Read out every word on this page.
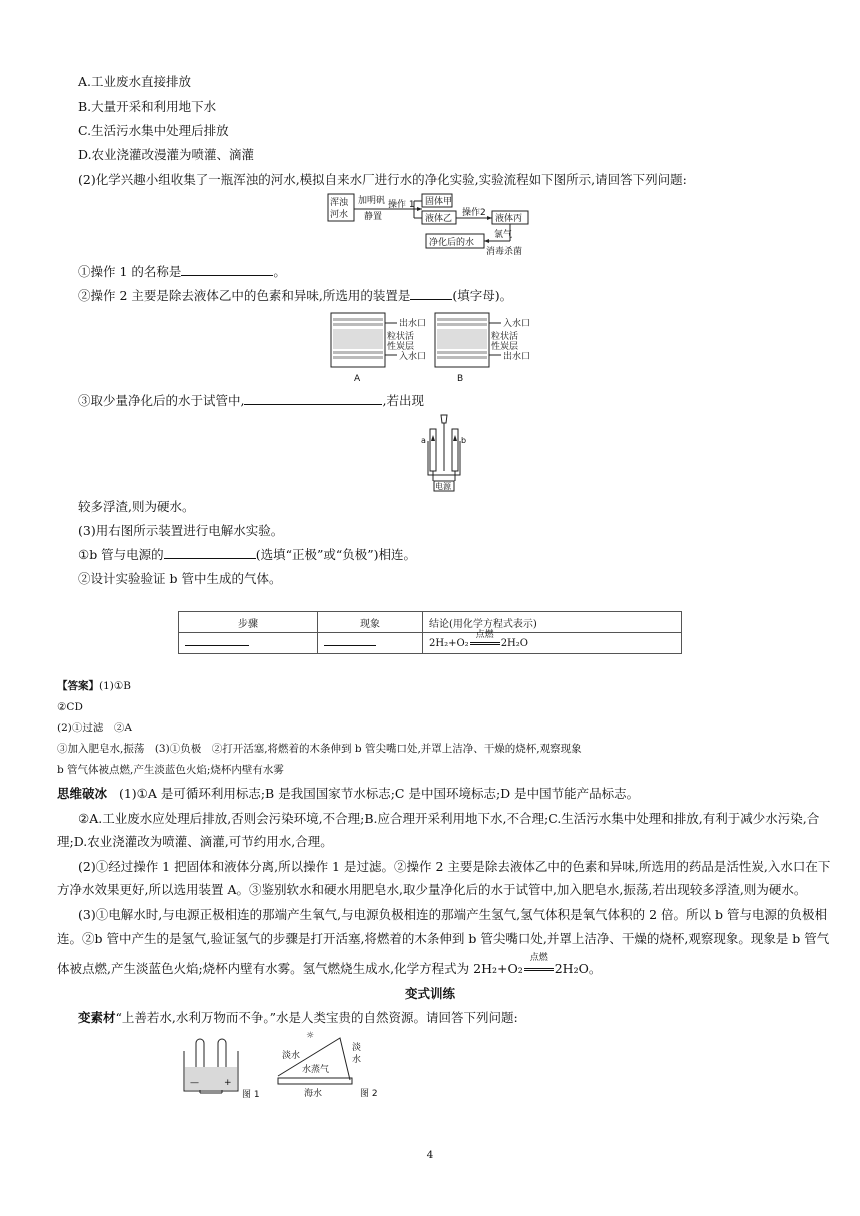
A.工业废水直接排放
B.大量开采和利用地下水
C.生活污水集中处理后排放
D.农业浇灌改漫灌为喷灌、滴灌
(2)化学兴趣小组收集了一瓶浑浊的河水,模拟自来水厂进行水的净化实验,实验流程如下图所示,请回答下列问题:
浑浊
河水
加明矾
静置
操作 1 固体甲
液体乙
操作2
液体丙
净化后的水
氯气
消毒杀菌
①操作 1 的名称是	。
②操作 2 主要是除去液体乙中的色素和异味,所选用的装置是	(填字母)。
出水口
粒状活
性炭层
入水口
入水口
粒状活
性炭层
出水口
A	B
③取少量净化后的水于试管中,	,若出现
a	b
电源
较多浮渣,则为硬水。
(3)用右图所示装置进行电解水实验。
①b 管与电源的	(选填“正极”或“负极”)相连。
②设计实验验证 b 管中生成的气体。
步骤	现象	结论(用化学方程式表示)
		2H₂+O₂
点燃
2H₂O
【答案】(1)①B
②CD
(2)①过滤　②A
③加入肥皂水,振荡　(3)①负极　②打开活塞,将燃着的木条伸到 b 管尖嘴口处,并罩上洁净、干燥的烧杯,观察现象
b 管气体被点燃,产生淡蓝色火焰;烧杯内壁有水雾
思维破冰 (1)①A 是可循环利用标志;B 是我国国家节水标志;C 是中国环境标志;D 是中国节能产品标志。
②A.工业废水应处理后排放,否则会污染环境,不合理;B.应合理开采利用地下水,不合理;C.生活污水集中处理和排放,有利于减少水污染,合
理;D.农业浇灌改为喷灌、滴灌,可节约用水,合理。
(2)①经过操作 1 把固体和液体分离,所以操作 1 是过滤。②操作 2 主要是除去液体乙中的色素和异味,所选用的药品是活性炭,入水口在下
方净水效果更好,所以选用装置 A。③鉴别软水和硬水用肥皂水,取少量净化后的水于试管中,加入肥皂水,振荡,若出现较多浮渣,则为硬水。
(3)①电解水时,与电源正极相连的那端产生氧气,与电源负极相连的那端产生氢气,氢气体积是氧气体积的 2 倍。所以 b 管与电源的负极相
连。②b 管中产生的是氢气,验证氢气的步骤是打开活塞,将燃着的木条伸到 b 管尖嘴口处,并罩上洁净、干燥的烧杯,观察现象。现象是 b 管气
体被点燃,产生淡蓝色火焰;烧杯内壁有水雾。氢气燃烧生成水,化学方程式为 2H₂+O₂
点燃
2H₂O。
变式训练
变素材“上善若水,水利万物而不争。”水是人类宝贵的自然资源。请回答下列问题:
—	+
图 1
☼
淡水
水蒸气
淡
水
海水	图 2
4
